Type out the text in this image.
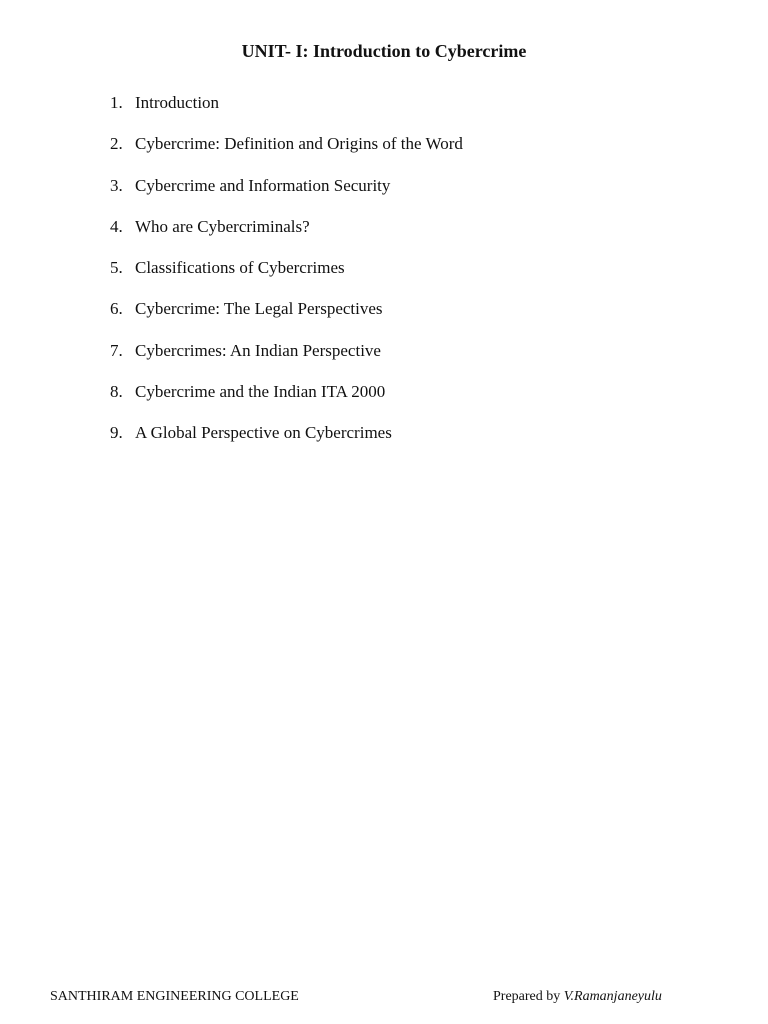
UNIT- I: Introduction to Cybercrime
1. Introduction
2. Cybercrime: Definition and Origins of the Word
3. Cybercrime and Information Security
4. Who are Cybercriminals?
5. Classifications of Cybercrimes
6. Cybercrime: The Legal Perspectives
7. Cybercrimes: An Indian Perspective
8. Cybercrime and the Indian ITA 2000
9. A Global Perspective on Cybercrimes
SANTHIRAM ENGINEERING COLLEGE	Prepared by V.Ramanjaneyulu
